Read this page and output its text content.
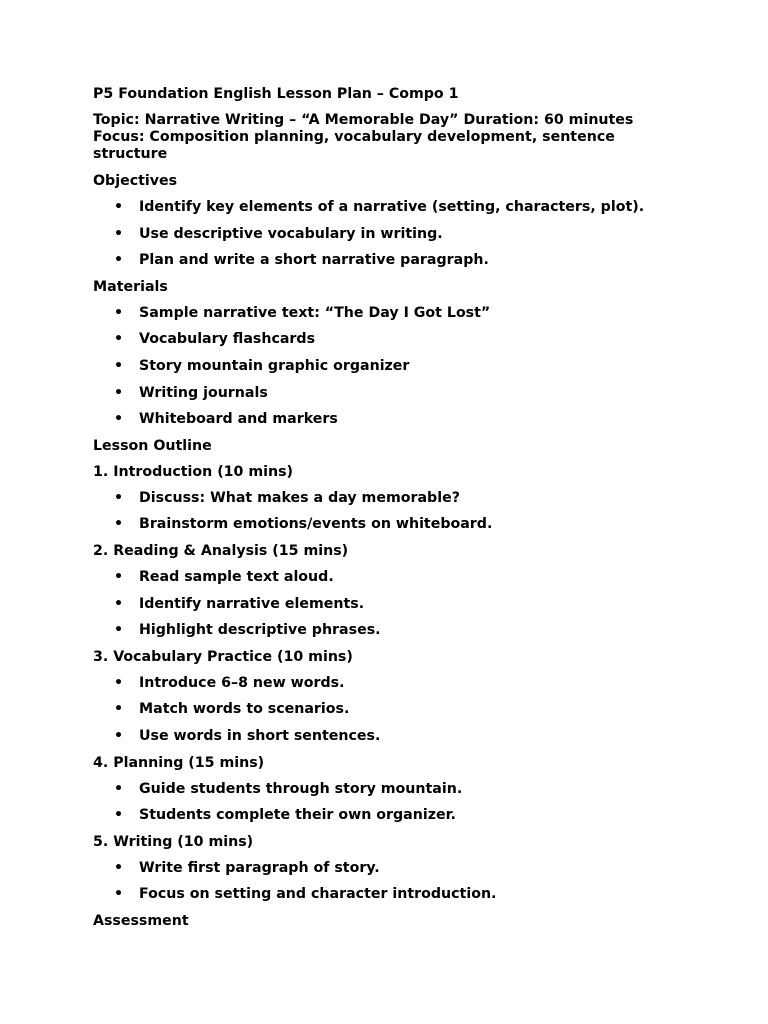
P5 Foundation English Lesson Plan – Compo 1

Topic: Narrative Writing – “A Memorable Day” Duration: 60 minutes Focus: Composition planning, vocabulary development, sentence structure

Objectives

• Identify key elements of a narrative (setting, characters, plot).
• Use descriptive vocabulary in writing.
• Plan and write a short narrative paragraph.

Materials

• Sample narrative text: “The Day I Got Lost”
• Vocabulary flashcards
• Story mountain graphic organizer
• Writing journals
• Whiteboard and markers

Lesson Outline

1. Introduction (10 mins)

• Discuss: What makes a day memorable?
• Brainstorm emotions/events on whiteboard.

2. Reading & Analysis (15 mins)

• Read sample text aloud.
• Identify narrative elements.
• Highlight descriptive phrases.

3. Vocabulary Practice (10 mins)

• Introduce 6–8 new words.
• Match words to scenarios.
• Use words in short sentences.

4. Planning (15 mins)

• Guide students through story mountain.
• Students complete their own organizer.

5. Writing (10 mins)

• Write first paragraph of story.
• Focus on setting and character introduction.

Assessment
